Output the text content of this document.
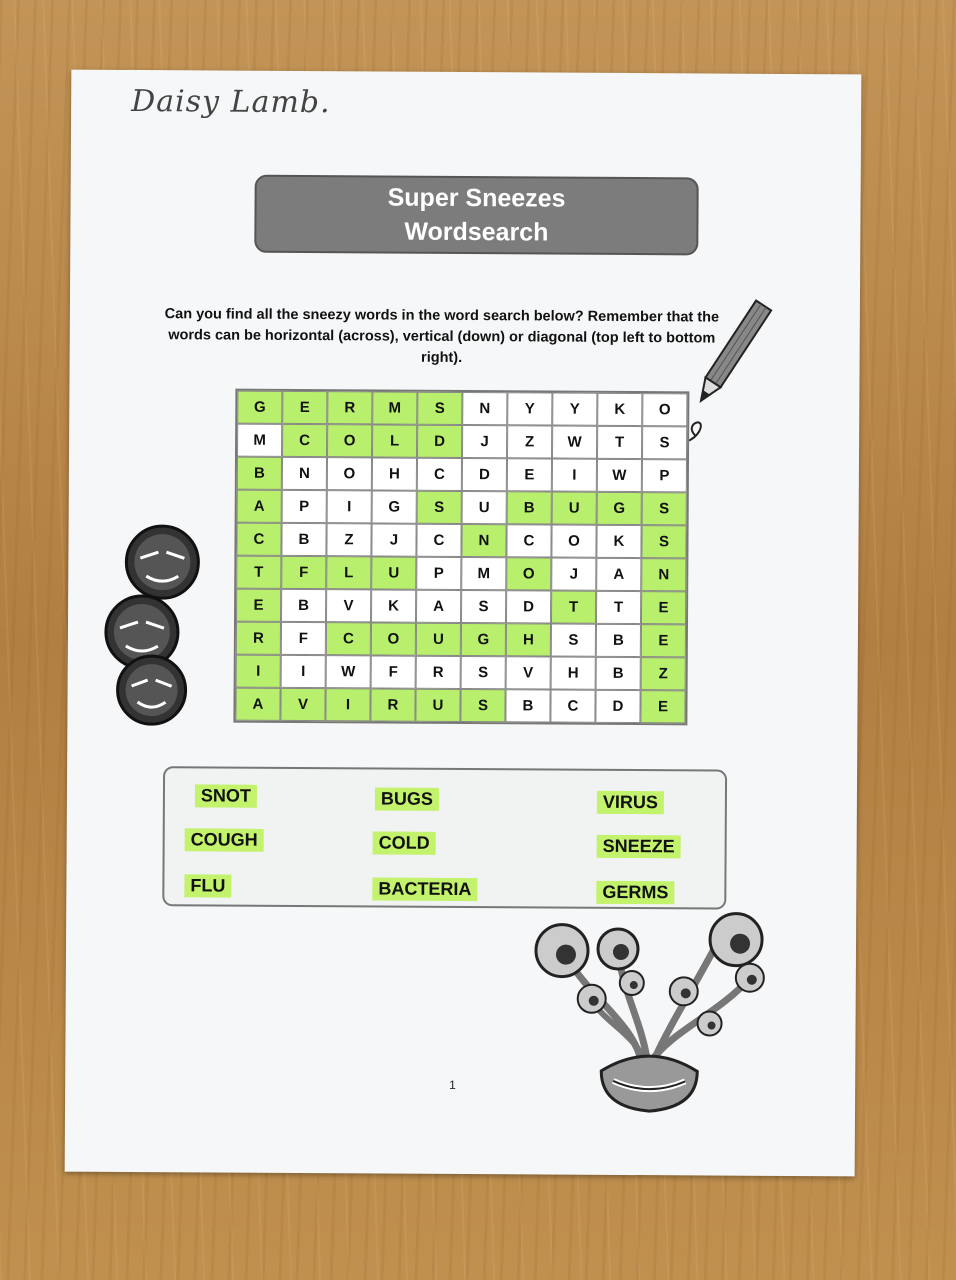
Daisy Lamb.
Super Sneezes
Wordsearch
Can you find all the sneezy words in the word search below? Remember that the words can be horizontal (across), vertical (down) or diagonal (top left to bottom right).
G	E	R	M	S	N	Y	Y	K	O
M	C	O	L	D	J	Z	W	T	S
B	N	O	H	C	D	E	I	W	P
A	P	I	G	S	U	B	U	G	S
C	B	Z	J	C	N	C	O	K	S
T	F	L	U	P	M	O	J	A	N
E	B	V	K	A	S	D	T	T	E
R	F	C	O	U	G	H	S	B	E
I	I	W	F	R	S	V	H	B	Z
A	V	I	R	U	S	B	C	D	E
SNOT	BUGS	VIRUS
COUGH	COLD	SNEEZE
FLU	BACTERIA	GERMS
1
